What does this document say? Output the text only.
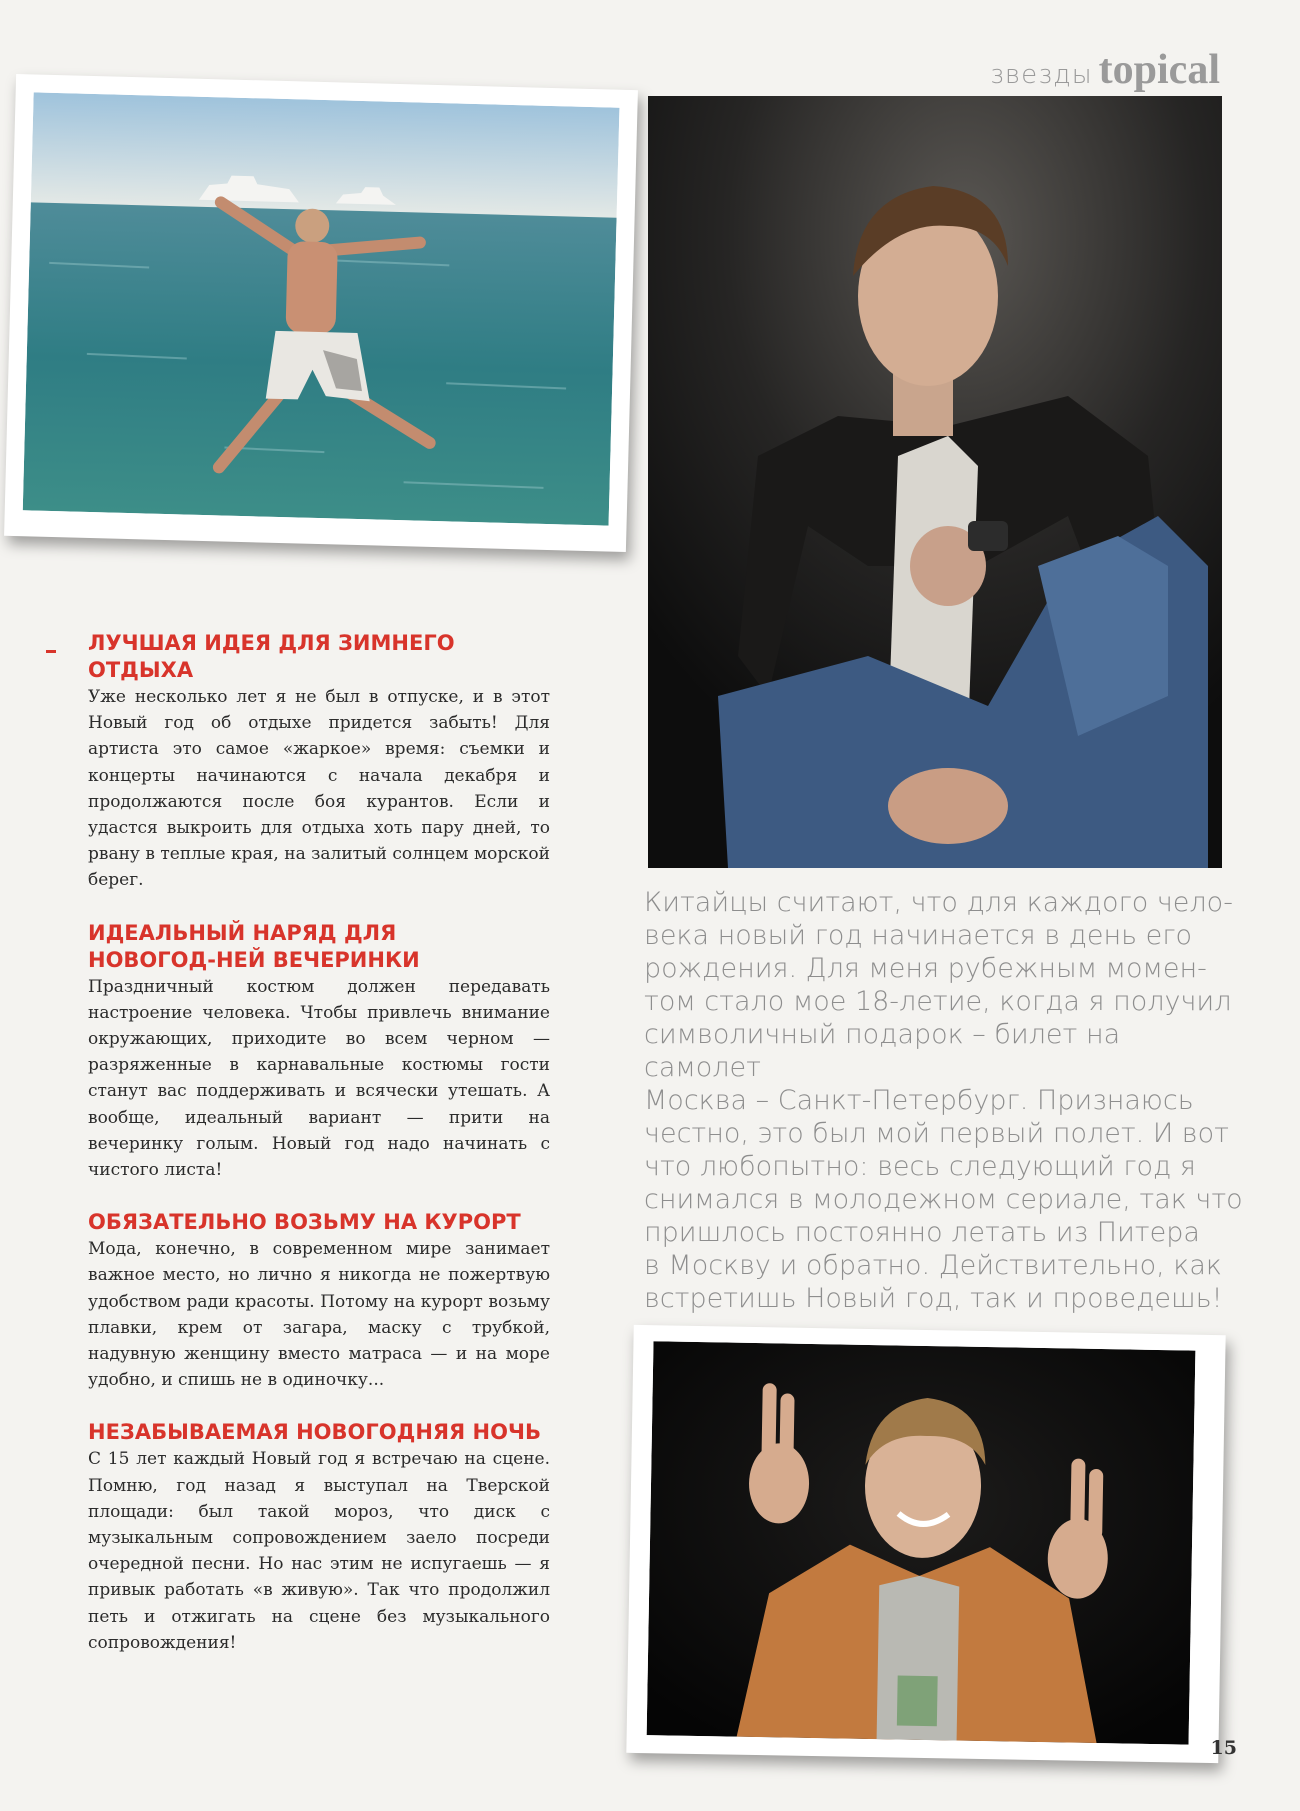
звезды topical
ЛУЧШАЯ ИДЕЯ ДЛЯ ЗИМНЕГО ОТДЫХА

Уже несколько лет я не был в отпуске, и в этот Новый год об отдыхе придется забыть! Для артиста это самое «жаркое» время: съемки и концерты начинаются с начала декабря и продолжаются после боя курантов. Если и удастся выкроить для отдыха хоть пару дней, то рвану в теплые края, на залитый солнцем морской берег.

ИДЕАЛЬНЫЙ НАРЯД ДЛЯ НОВОГОД-НЕЙ ВЕЧЕРИНКИ

Праздничный костюм должен передавать настроение человека. Чтобы привлечь внимание окружающих, приходите во всем черном — разряженные в карнавальные костюмы гости станут вас поддерживать и всячески утешать. А вообще, идеальный вариант — прити на вечеринку голым. Новый год надо начинать с чистого листа!

ОБЯЗАТЕЛЬНО ВОЗЬМУ НА КУРОРТ

Мода, конечно, в современном мире занимает важное место, но лично я никогда не пожертвую удобством ради красоты. Потому на курорт возьму плавки, крем от загара, маску с трубкой, надувную женщину вместо матраса — и на море удобно, и спишь не в одиночку...

НЕЗАБЫВАЕМАЯ НОВОГОДНЯЯ НОЧЬ

С 15 лет каждый Новый год я встречаю на сцене. Помню, год назад я выступал на Тверской площади: был такой мороз, что диск с музыкальным сопровождением заело посреди очередной песни. Но нас этим не испугаешь — я привык работать «в живую». Так что продолжил петь и отжигать на сцене без музыкального сопровождения!

Китайцы считают, что для каждого чело-
века новый год начинается в день его
рождения. Для меня рубежным момен-
том стало мое 18-летие, когда я получил
символичный подарок – билет на самолет
Москва – Санкт-Петербург. Признаюсь
честно, это был мой первый полет. И вот
что любопытно: весь следующий год я
снимался в молодежном сериале, так что
пришлось постоянно летать из Питера
в Москву и обратно. Действительно, как
встретишь Новый год, так и проведешь!

15
